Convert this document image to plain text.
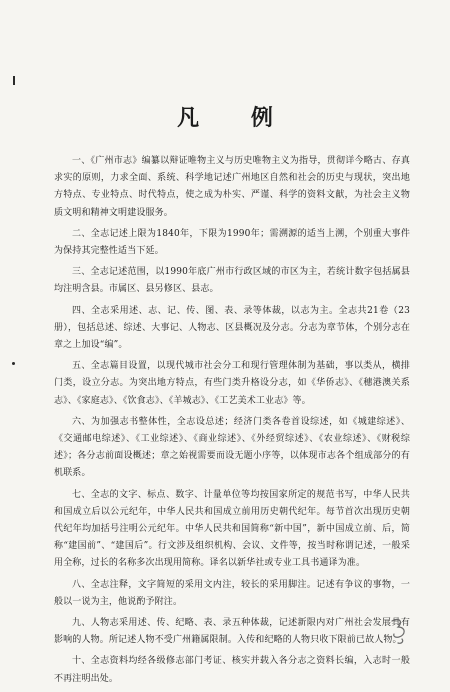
凡 例

一、《广州市志》编纂以辩证唯物主义与历史唯物主义为指导，贯彻详今略古、存真求实的原则，力求全面、系统、科学地记述广州地区自然和社会的历史与现状，突出地方特点、专业特点、时代特点，使之成为朴实、严谨、科学的资料文献，为社会主义物质文明和精神文明建设服务。

二、全志记述上限为1840年，下限为1990年；需溯源的适当上溯，个别重大事件为保持其完整性适当下延。

三、全志记述范围，以1990年底广州市行政区域的市区为主，若统计数字包括属县均注明含县。市属区、县另修区、县志。

四、全志采用述、志、记、传、图、表、录等体裁，以志为主。全志共21卷（23册），包括总述、综述、大事记、人物志、区县概况及分志。分志为章节体，个别分志在章之上加设“编”。

五、全志篇目设置，以现代城市社会分工和现行管理体制为基础，事以类从，横排门类，设立分志。为突出地方特点，有些门类升格设分志，如《华侨志》、《穗港澳关系志》、《家庭志》、《饮食志》、《羊城志》、《工艺美术工业志》等。

六、为加强志书整体性，全志设总述；经济门类各卷首设综述，如《城建综述》、《交通邮电综述》、《工业综述》、《商业综述》、《外经贸综述》、《农业综述》、《财税综述》；各分志前面设概述；章之始视需要而设无题小序等，以体现市志各个组成部分的有机联系。

七、全志的文字、标点、数字、计量单位等均按国家所定的规范书写，中华人民共和国成立后以公元纪年，中华人民共和国成立前用历史朝代纪年。每节首次出现历史朝代纪年均加括号注明公元纪年。中华人民共和国简称“新中国”，新中国成立前、后，简称“建国前”、“建国后”。行文涉及组织机构、会议、文件等，按当时称谓记述，一般采用全称，过长的名称多次出现用简称。译名以新华社或专业工具书通译为准。

八、全志注释，文字简短的采用文内注，较长的采用脚注。记述有争议的事物，一般以一说为主，他说酌予附注。

九、人物志采用述、传、纪略、表、录五种体裁，记述新限内对广州社会发展具有影响的人物。所记述人物不受广州籍属限制。入传和纪略的人物只收下限前已故人物。

十、全志资料均经各级修志部门考证、核实并载入各分志之资料长编，入志时一般不再注明出处。
